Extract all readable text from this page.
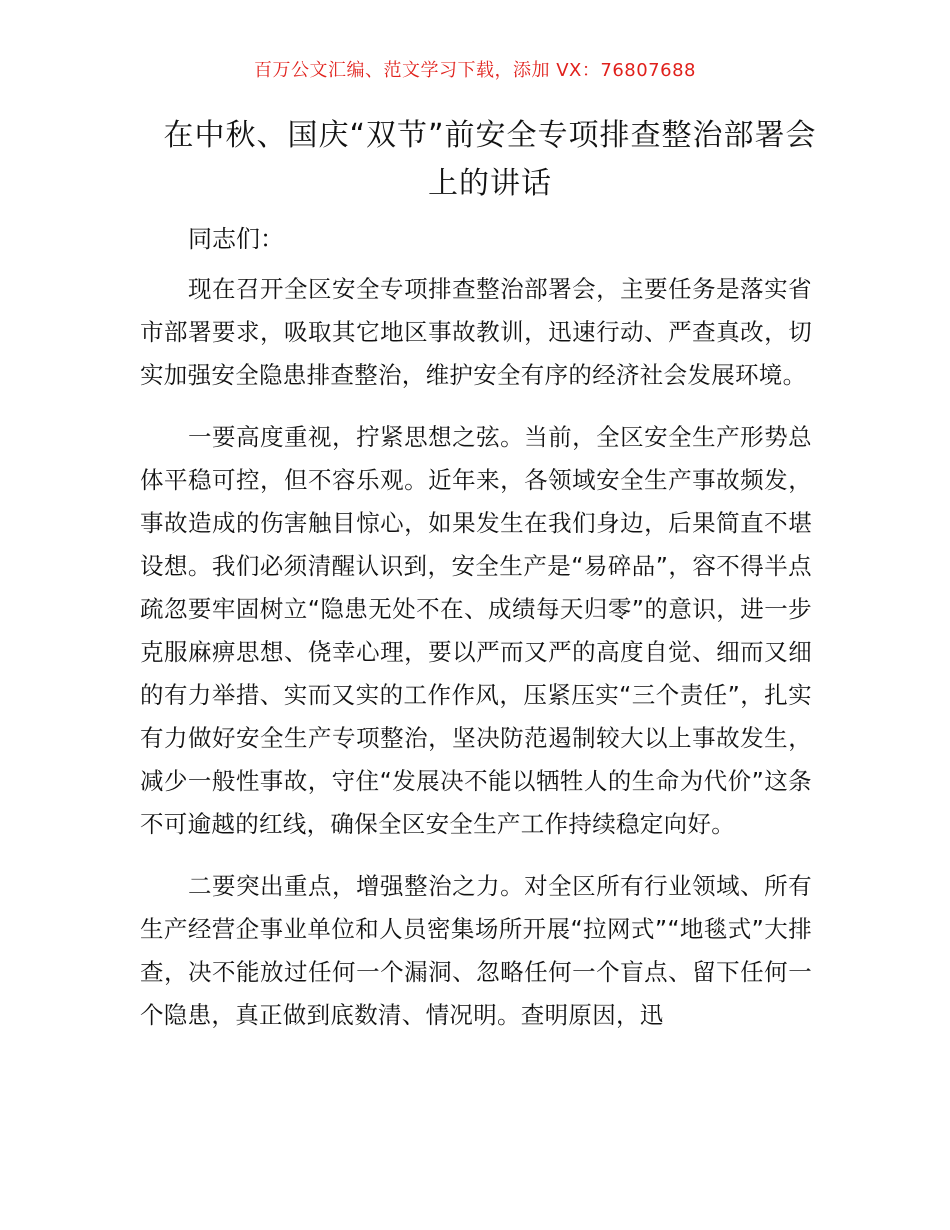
百万公文汇编、范文学习下载，添加 VX：76807688
在中秋、国庆“双节”前安全专项排查整治部署会上的讲话

同志们：

现在召开全区安全专项排查整治部署会，主要任务是落实省市部署要求，吸取其它地区事故教训，迅速行动、严查真改，切实加强安全隐患排查整治，维护安全有序的经济社会发展环境。

一要高度重视，拧紧思想之弦。当前，全区安全生产形势总体平稳可控，但不容乐观。近年来，各领域安全生产事故频发，事故造成的伤害触目惊心，如果发生在我们身边，后果简直不堪设想。我们必须清醒认识到，安全生产是“易碎品”，容不得半点疏忽要牢固树立“隐患无处不在、成绩每天归零”的意识，进一步克服麻痹思想、侥幸心理，要以严而又严的高度自觉、细而又细的有力举措、实而又实的工作作风，压紧压实“三个责任”，扎实有力做好安全生产专项整治，坚决防范遏制较大以上事故发生，减少一般性事故，守住“发展决不能以牺牲人的生命为代价”这条不可逾越的红线，确保全区安全生产工作持续稳定向好。

二要突出重点，增强整治之力。对全区所有行业领域、所有生产经营企事业单位和人员密集场所开展“拉网式”“地毯式”大排查，决不能放过任何一个漏洞、忽略任何一个盲点、留下任何一个隐患，真正做到底数清、情况明。查明原因，迅
